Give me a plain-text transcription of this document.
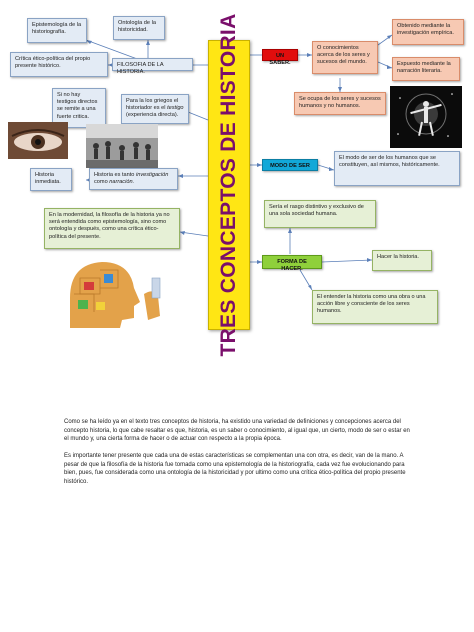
TRES CONCEPTOS DE HISTORIA
Epistemología de la historiografía.
Ontología de la historicidad.
Crítica ético-política del propio presente histórico.	FILOSOFIA DE LA HISTORIA.
Si no hay testigos directos se remite a una fuerte critica.
Para la los griegos el historiador es el testigo (experiencia directa).
Historia inmediata.
Historia es tanto investigación como narración.
En la modernidad, la filosofía de la historia ya no será entendida como epistemología, sino como ontología y después, como una crítica ético-política del presente.
UN SABER.
O conocimientos acerca de los seres y sucesos del mundo.
Obtenido mediante la investigación empírica.
Expuesto mediante la narración literaria.
Se ocupa de los seres y sucesos humanos y no humanos.
MODO DE SER
El modo de ser de los humanos que se constituyen, así mismos, históricamente.
Sería el rasgo distintivo y exclusivo de una sola sociedad humana.
FORMA DE HACER.
Hacer la historia.
El entender la historia como una obra o una acción libre y consciente de los seres humanos.
Como se ha leído ya en el texto tres conceptos de historia, ha existido una variedad de definiciones y concepciones acerca del concepto historia, lo que cabe resaltar es que, historia, es un saber o conocimiento, al igual que, un cierto, modo de ser o estar en el mundo y, una cierta forma de hacer o de actuar con respecto a la propia época.
Es importante tener presente que cada una de estas características se complementan una con otra, es decir, van de la mano. A pesar de que la filosofía de la historia fue tomada como una epistemología de la historiografía, cada vez fue evolucionando para bien, pues, fue considerada como una ontología de la historicidad y por ultimo como una crítica ético-política del propio presente histórico.
